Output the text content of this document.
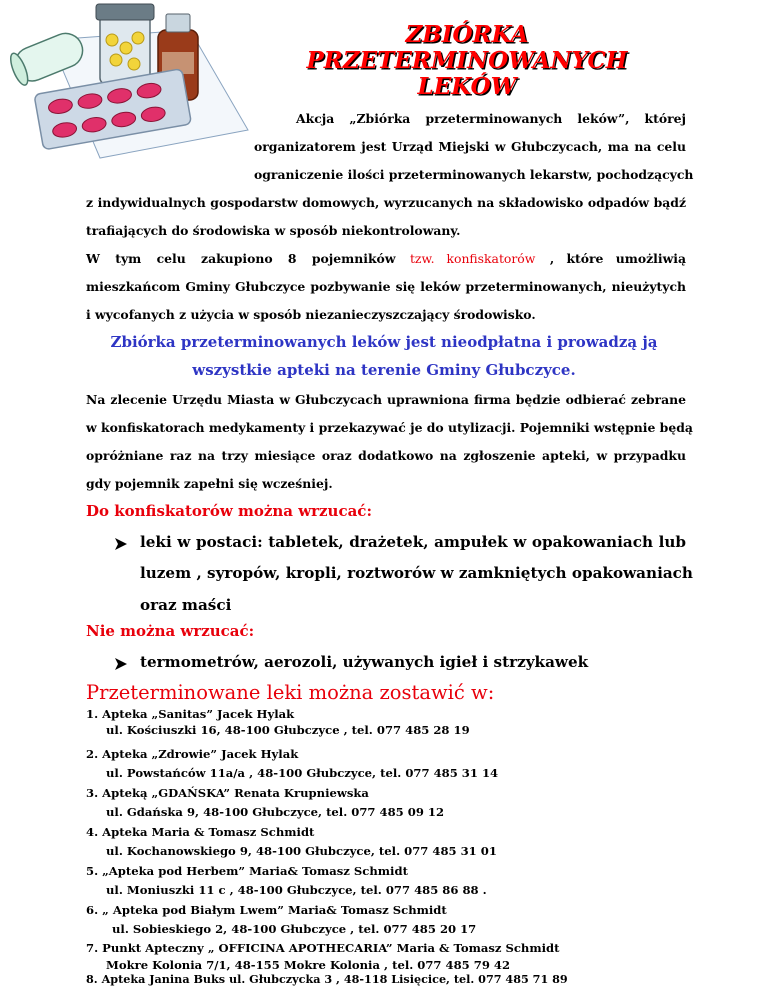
ZBIÓRKA
PRZETERMINOWANYCH
LEKÓW
Akcja „Zbiórka przeterminowanych leków”, której
organizatorem jest Urząd Miejski w Głubczycach, ma na celu
ograniczenie ilości przeterminowanych lekarstw, pochodzących
z indywidualnych gospodarstw domowych, wyrzucanych na składowisko odpadów bądź
trafiających do środowiska w sposób niekontrolowany.
W tym celu zakupiono 8 pojemników tzw. konfiskatorów , które umożliwią
mieszkańcom Gminy Głubczyce pozbywanie się leków przeterminowanych, nieużytych
i wycofanych z użycia w sposób niezanieczyszczający środowisko.
Zbiórka przeterminowanych leków jest nieodpłatna i prowadzą ją
wszystkie apteki na terenie Gminy Głubczyce.
Na zlecenie Urzędu Miasta w Głubczycach uprawniona firma będzie odbierać zebrane
w konfiskatorach medykamenty i przekazywać je do utylizacji. Pojemniki wstępnie będą
opróżniane raz na trzy miesiące oraz dodatkowo na zgłoszenie apteki, w przypadku
gdy pojemnik zapełni się wcześniej.
Do konfiskatorów można wrzucać:
leki w postaci: tabletek, drażetek, ampułek w opakowaniach lub
luzem , syropów, kropli, roztworów w zamkniętych opakowaniach
oraz maści
Nie można wrzucać:
termometrów, aerozoli, używanych igieł i strzykawek
Przeterminowane leki można zostawić w:
1. Apteka „Sanitas” Jacek Hylak
ul. Kościuszki 16, 48-100 Głubczyce , tel. 077 485 28 19
2. Apteka „Zdrowie” Jacek Hylak
ul. Powstańców 11a/a , 48-100 Głubczyce, tel. 077 485 31 14
3. Apteką „GDAŃSKA” Renata Krupniewska
ul. Gdańska 9, 48-100 Głubczyce, tel. 077 485 09 12
4. Apteka Maria & Tomasz Schmidt
ul. Kochanowskiego 9, 48-100 Głubczyce, tel. 077 485 31 01
5. „Apteka pod Herbem” Maria& Tomasz Schmidt
ul. Moniuszki 11 c , 48-100 Głubczyce, tel. 077 485 86 88 .
6. „ Apteka pod Białym Lwem” Maria& Tomasz Schmidt
ul. Sobieskiego 2, 48-100 Głubczyce , tel. 077 485 20 17
7. Punkt Apteczny „ OFFICINA APOTHECARIA” Maria & Tomasz Schmidt
Mokre Kolonia 7/1, 48-155 Mokre Kolonia , tel. 077 485 79 42
8. Apteka Janina Buks ul. Głubczycka 3 , 48-118 Lisięcice, tel. 077 485 71 89
